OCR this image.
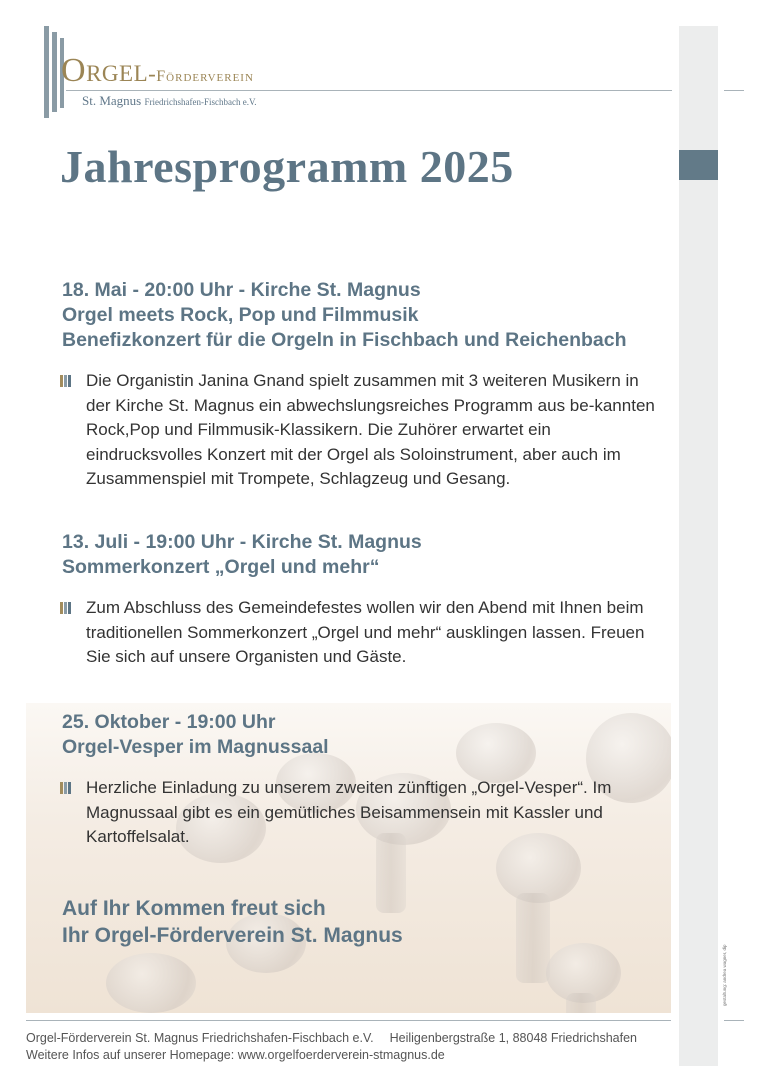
gestaltung: andrea wagner, dip
ORGEL-Förderverein
St. Magnus Friedrichshafen-Fischbach e.V.
Jahresprogramm 2025

18. Mai - 20:00 Uhr - Kirche St. Magnus

Orgel meets Rock, Pop und Filmmusik

Benefizkonzert für die Orgeln in Fischbach und Reichenbach

Die Organistin Janina Gnand spielt zusammen mit 3 weiteren Musikern in der Kirche St. Magnus ein abwechslungsreiches Programm aus be-kannten Rock,Pop und Filmmusik-Klassikern. Die Zuhörer erwartet ein eindrucksvolles Konzert mit der Orgel als Soloinstrument, aber auch im Zusammenspiel mit Trompete, Schlagzeug und Gesang.

13. Juli - 19:00 Uhr - Kirche St. Magnus

Sommerkonzert „Orgel und mehr“

Zum Abschluss des Gemeindefestes wollen wir den Abend mit Ihnen beim traditionellen Sommerkonzert „Orgel und mehr“ ausklingen lassen. Freuen Sie sich auf unsere Organisten und Gäste.

25. Oktober - 19:00 Uhr

Orgel-Vesper im Magnussaal

Herzliche Einladung zu unserem zweiten zünftigen „Orgel-Vesper“. Im Magnussaal gibt es ein gemütliches Beisammensein mit Kassler und Kartoffelsalat.
Auf Ihr Kommen freut sich
Ihr Orgel-Förderverein St. Magnus
Orgel-Förderverein St. Magnus Friedrichshafen-Fischbach e.V. Heiligenbergstraße 1, 88048 Friedrichshafen
Weitere Infos auf unserer Homepage: www.orgelfoerderverein-stmagnus.de
